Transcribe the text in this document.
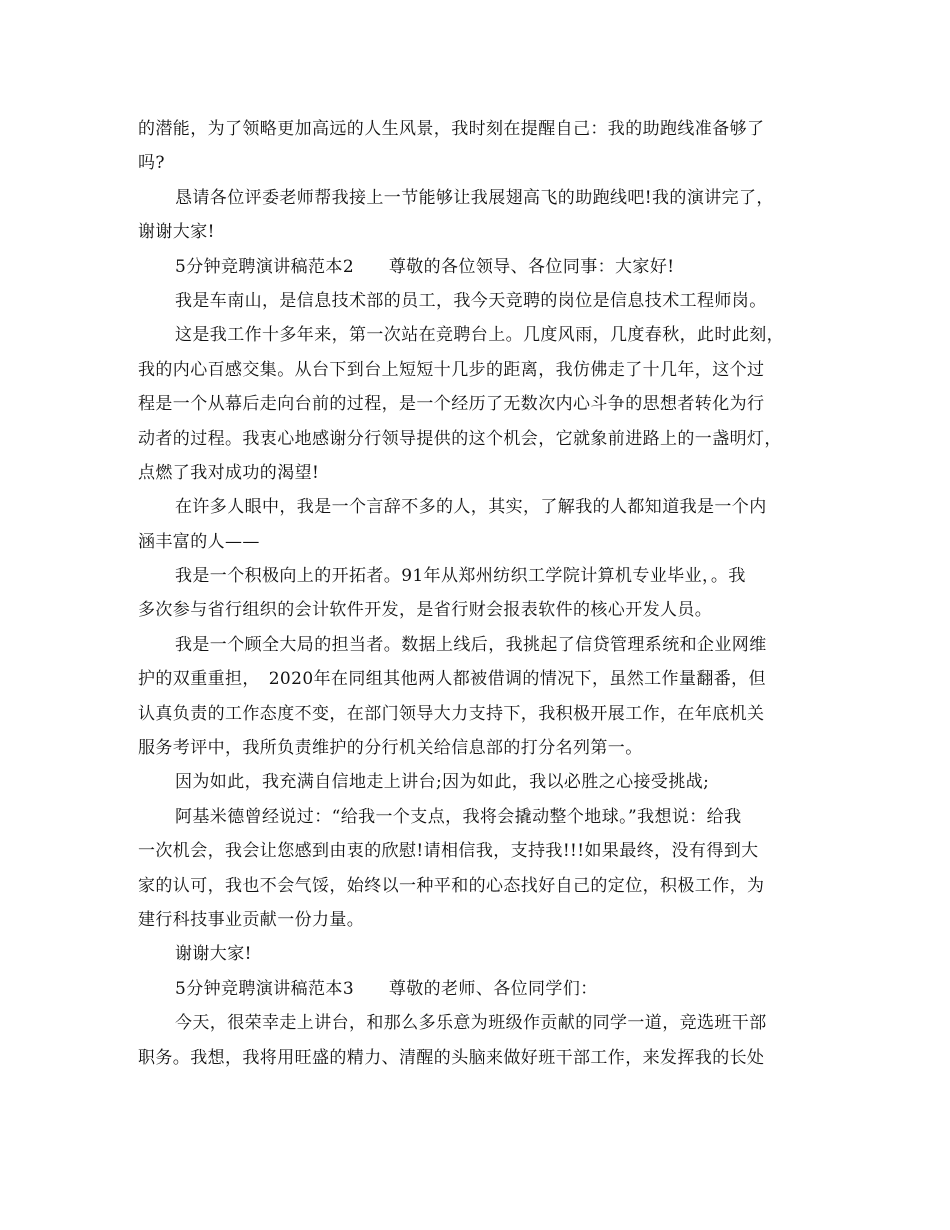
的潜能，为了领略更加高远的人生风景，我时刻在提醒自己：我的助跑线准备够了
吗?
恳请各位评委老师帮我接上一节能够让我展翅高飞的助跑线吧!我的演讲完了，
谢谢大家!
5分钟竞聘演讲稿范本2　　尊敬的各位领导、各位同事：大家好!
我是车南山，是信息技术部的员工，我今天竞聘的岗位是信息技术工程师岗。
这是我工作十多年来，第一次站在竞聘台上。几度风雨，几度春秋，此时此刻，
我的内心百感交集。从台下到台上短短十几步的距离，我仿佛走了十几年，这个过
程是一个从幕后走向台前的过程，是一个经历了无数次内心斗争的思想者转化为行
动者的过程。我衷心地感谢分行领导提供的这个机会，它就象前进路上的一盏明灯，
点燃了我对成功的渴望!
在许多人眼中，我是一个言辞不多的人，其实，了解我的人都知道我是一个内
涵丰富的人——
我是一个积极向上的开拓者。91年从郑州纺织工学院计算机专业毕业，。我
多次参与省行组织的会计软件开发，是省行财会报表软件的核心开发人员。
我是一个顾全大局的担当者。数据上线后，我挑起了信贷管理系统和企业网维
护的双重重担，　2020年在同组其他两人都被借调的情况下，虽然工作量翻番，但
认真负责的工作态度不变，在部门领导大力支持下，我积极开展工作，在年底机关
服务考评中，我所负责维护的分行机关给信息部的打分名列第一。
因为如此，我充满自信地走上讲台;因为如此，我以必胜之心接受挑战;
阿基米德曾经说过：“给我一个支点，我将会撬动整个地球。”我想说：给我
一次机会，我会让您感到由衷的欣慰!请相信我，支持我!!!如果最终，没有得到大
家的认可，我也不会气馁，始终以一种平和的心态找好自己的定位，积极工作，为
建行科技事业贡献一份力量。
谢谢大家!
5分钟竞聘演讲稿范本3　　尊敬的老师、各位同学们：
今天，很荣幸走上讲台，和那么多乐意为班级作贡献的同学一道，竞选班干部
职务。我想，我将用旺盛的精力、清醒的头脑来做好班干部工作，来发挥我的长处
